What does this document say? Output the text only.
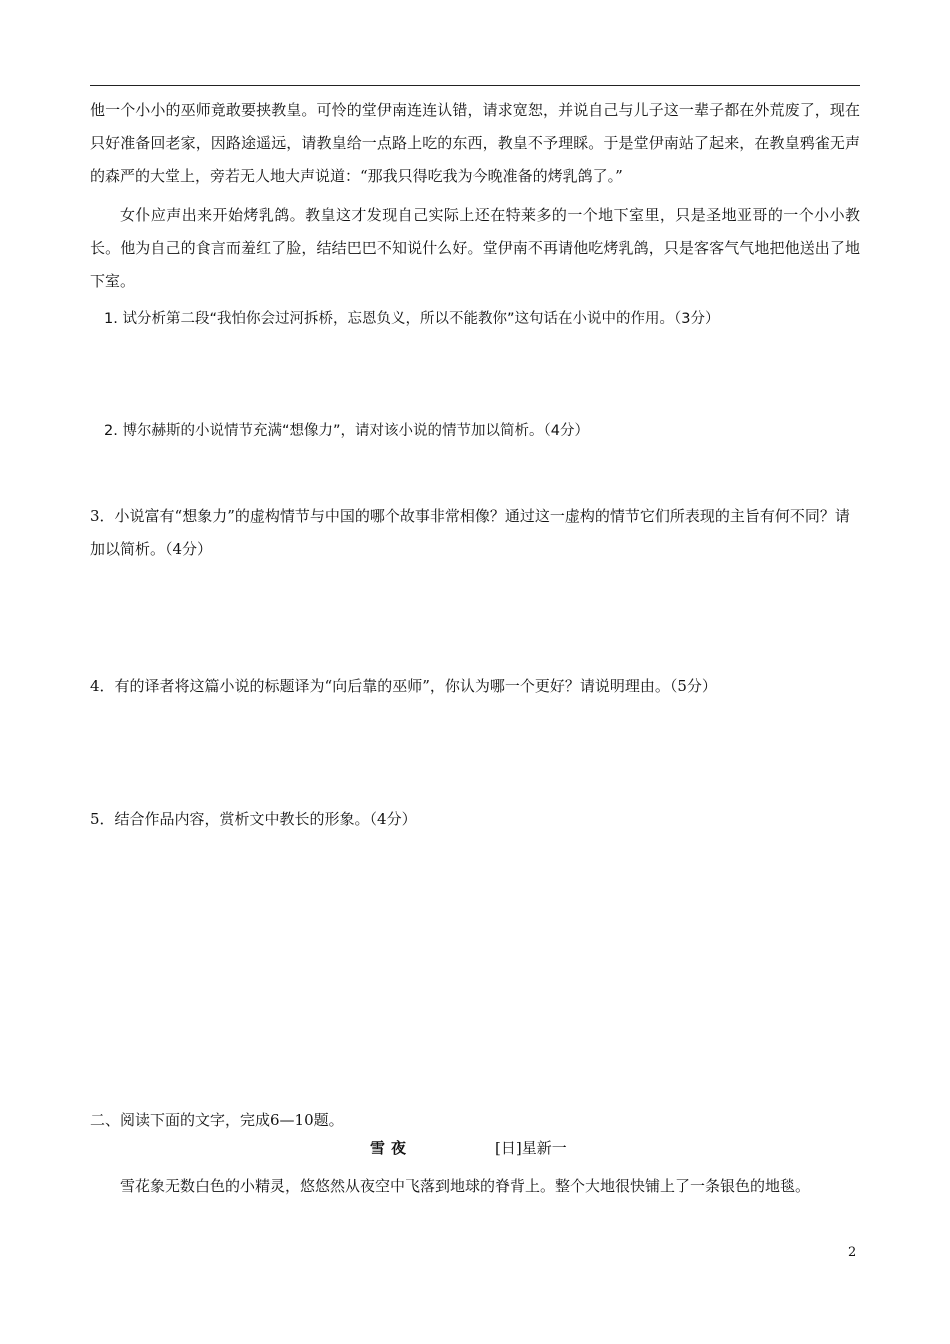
他一个小小的巫师竟敢要挟教皇。可怜的堂伊南连连认错，请求宽恕，并说自己与儿子这一辈子都在外荒废了，现在只好准备回老家，因路途遥远，请教皇给一点路上吃的东西，教皇不予理睬。于是堂伊南站了起来，在教皇鸦雀无声的森严的大堂上，旁若无人地大声说道：“那我只得吃我为今晚准备的烤乳鸽了。”

女仆应声出来开始烤乳鸽。教皇这才发现自己实际上还在特莱多的一个地下室里，只是圣地亚哥的一个小小教长。他为自己的食言而羞红了脸，结结巴巴不知说什么好。堂伊南不再请他吃烤乳鸽，只是客客气气地把他送出了地下室。

1. 试分析第二段“我怕你会过河拆桥，忘恩负义，所以不能教你”这句话在小说中的作用。（3分）

2. 博尔赫斯的小说情节充满“想像力”，请对该小说的情节加以简析。（4分）

3．小说富有“想象力”的虚构情节与中国的哪个故事非常相像？通过这一虚构的情节它们所表现的主旨有何不同？请加以简析。（4分）

4．有的译者将这篇小说的标题译为“向后靠的巫师”，你认为哪一个更好？请说明理由。（5分）

5．结合作品内容，赏析文中教长的形象。（4分）

二、阅读下面的文字，完成6—10题。

雪夜	[日]星新一

雪花象无数白色的小精灵，悠悠然从夜空中飞落到地球的脊背上。整个大地很快铺上了一条银色的地毯。

2
